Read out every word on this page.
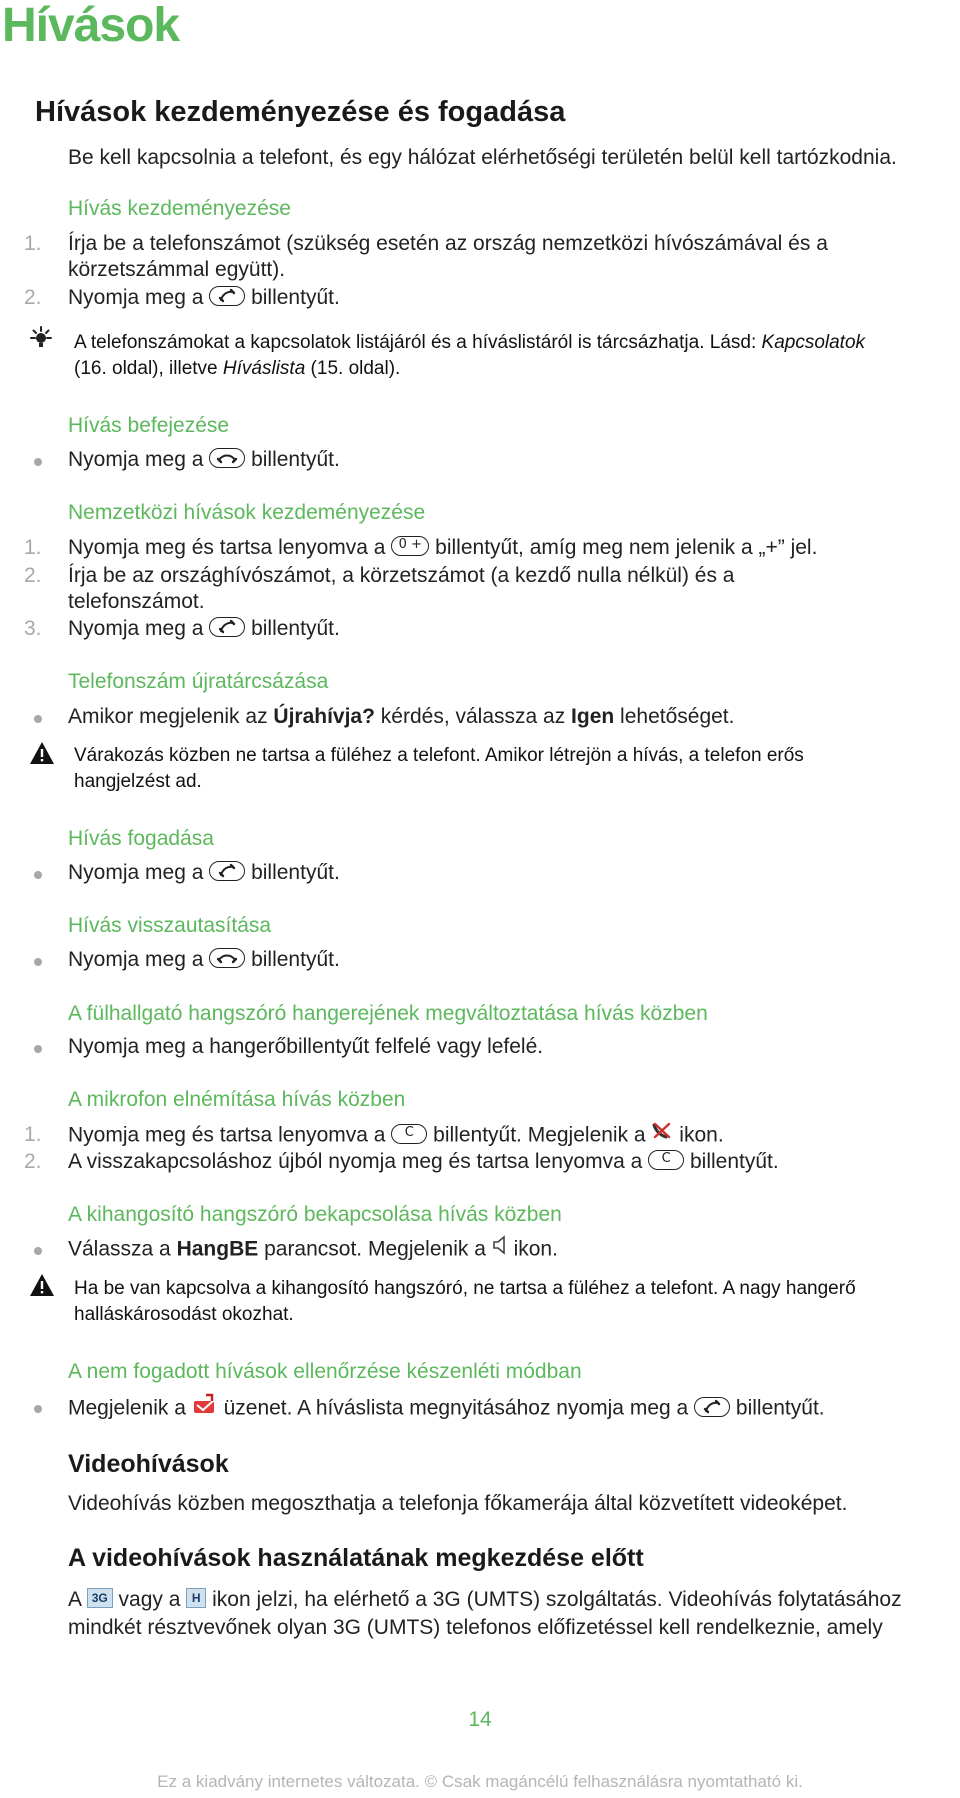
Hívások
Hívások kezdeményezése és fogadása
Be kell kapcsolnia a telefont, és egy hálózat elérhetőségi területén belül kell tartózkodnia.
Hívás kezdeményezése
1. Írja be a telefonszámot (szükség esetén az ország nemzetközi hívószámával és a
körzetszámmal együtt).
2. Nyomja meg a billentyűt.
A telefonszámokat a kapcsolatok listájáról és a híváslistáról is tárcsázhatja. Lásd: Kapcsolatok
(16. oldal), illetve Híváslista (15. oldal).
Hívás befejezése
Nyomja meg a billentyűt.
Nemzetközi hívások kezdeményezése
1. Nyomja meg és tartsa lenyomva a 0 + billentyűt, amíg meg nem jelenik a „+” jel.
2. Írja be az országhívószámot, a körzetszámot (a kezdő nulla nélkül) és a
telefonszámot.
3. Nyomja meg a billentyűt.
Telefonszám újratárcsázása
Amikor megjelenik az Újrahívja? kérdés, válassza az Igen lehetőséget.
Várakozás közben ne tartsa a füléhez a telefont. Amikor létrejön a hívás, a telefon erős
hangjelzést ad.
Hívás fogadása
Nyomja meg a billentyűt.
Hívás visszautasítása
Nyomja meg a billentyűt.
A fülhallgató hangszóró hangerejének megváltoztatása hívás közben
Nyomja meg a hangerőbillentyűt felfelé vagy lefelé.
A mikrofon elnémítása hívás közben
1. Nyomja meg és tartsa lenyomva a C billentyűt. Megjelenik a ikon.
2. A visszakapcsoláshoz újból nyomja meg és tartsa lenyomva a C billentyűt.
A kihangosító hangszóró bekapcsolása hívás közben
Válassza a HangBE parancsot. Megjelenik a ikon.
Ha be van kapcsolva a kihangosító hangszóró, ne tartsa a füléhez a telefont. A nagy hangerő
halláskárosodást okozhat.
A nem fogadott hívások ellenőrzése készenléti módban
Megjelenik a üzenet. A híváslista megnyitásához nyomja meg a billentyűt.
Videohívások
Videohívás közben megoszthatja a telefonja főkamerája által közvetített videoképet.
A videohívások használatának megkezdése előtt
A 3G vagy a H ikon jelzi, ha elérhető a 3G (UMTS) szolgáltatás. Videohívás folytatásához
mindkét résztvevőnek olyan 3G (UMTS) telefonos előfizetéssel kell rendelkeznie, amely
14
Ez a kiadvány internetes változata. © Csak magáncélú felhasználásra nyomtatható ki.
